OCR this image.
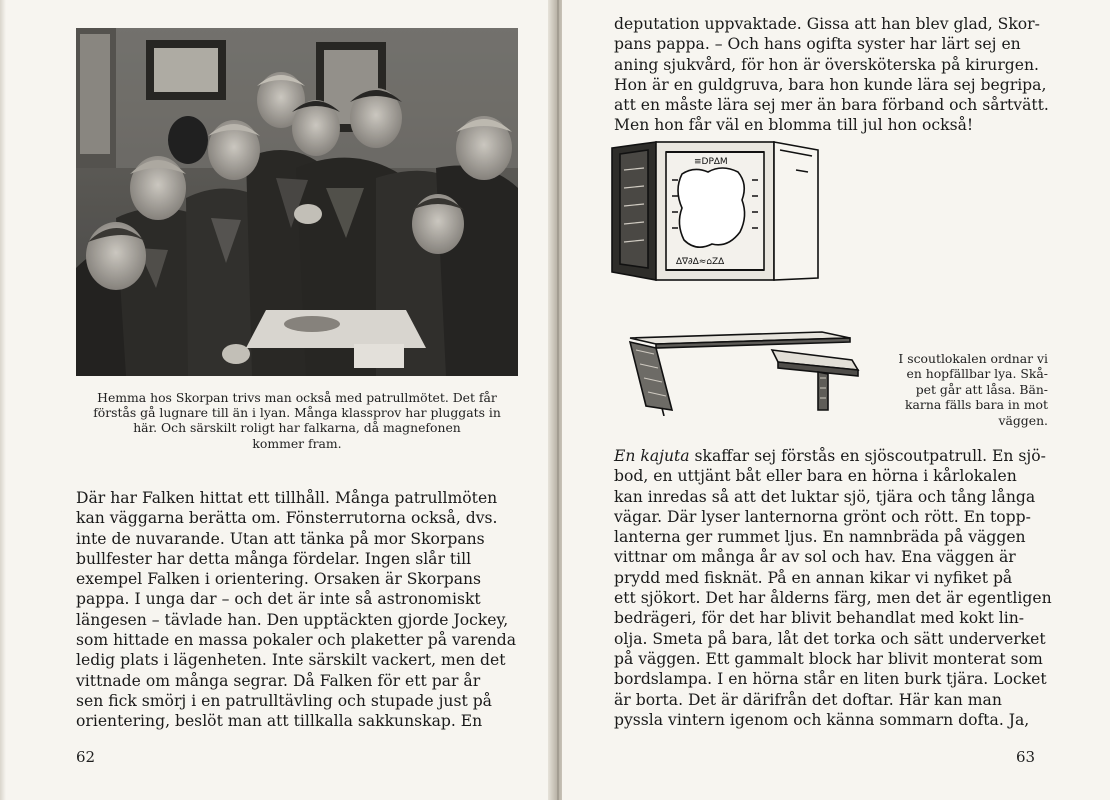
Hemma hos Skorpan trivs man också med patrullmötet. Det får
förstås gå lugnare till än i lyan. Många klassprov har pluggats in
här. Och särskilt roligt har falkarna, då magnefonen
kommer fram.
Där har Falken hittat ett tillhåll. Många patrullmöten
kan väggarna berätta om. Fönsterrutorna också, dvs.
inte de nuvarande. Utan att tänka på mor Skorpans
bullfester har detta många fördelar. Ingen slår till
exempel Falken i orientering. Orsaken är Skorpans
pappa. I unga dar – och det är inte så astronomiskt
längesen – tävlade han. Den upptäckten gjorde Jockey,
som hittade en massa pokaler och plaketter på varenda
ledig plats i lägenheten. Inte särskilt vackert, men det
vittnade om många segrar. Då Falken för ett par år
sen fick smörj i en patrulltävling och stupade just på
orientering, beslöt man att tillkalla sakkunskap. En
62
deputation uppvaktade. Gissa att han blev glad, Skor-
pans pappa. – Och hans ogifta syster har lärt sej en
aning sjukvård, för hon är översköterska på kirurgen.
Hon är en guldgruva, bara hon kunde lära sej begripa,
att en måste lära sej mer än bara förband och sårtvätt.
Men hon får väl en blomma till jul hon också!
≡DP∆M
∆∇∂∆≈⌂Z∆
I scoutlokalen ordnar vi
en hopfällbar lya. Skå-
pet går att låsa. Bän-
karna fälls bara in mot
väggen.
En kajuta skaffar sej förstås en sjöscoutpatrull. En sjö-
bod, en uttjänt båt eller bara en hörna i kårlokalen
kan inredas så att det luktar sjö, tjära och tång långa
vägar. Där lyser lanternorna grönt och rött. En topp-
lanterna ger rummet ljus. En namnbräda på väggen
vittnar om många år av sol och hav. Ena väggen är
prydd med fisknät. På en annan kikar vi nyfiket på
ett sjökort. Det har ålderns färg, men det är egentligen
bedrägeri, för det har blivit behandlat med kokt lin-
olja. Smeta på bara, låt det torka och sätt underverket
på väggen. Ett gammalt block har blivit monterat som
bordslampa. I en hörna står en liten burk tjära. Locket
är borta. Det är därifrån det doftar. Här kan man
pyssla vintern igenom och känna sommarn dofta. Ja,
63
